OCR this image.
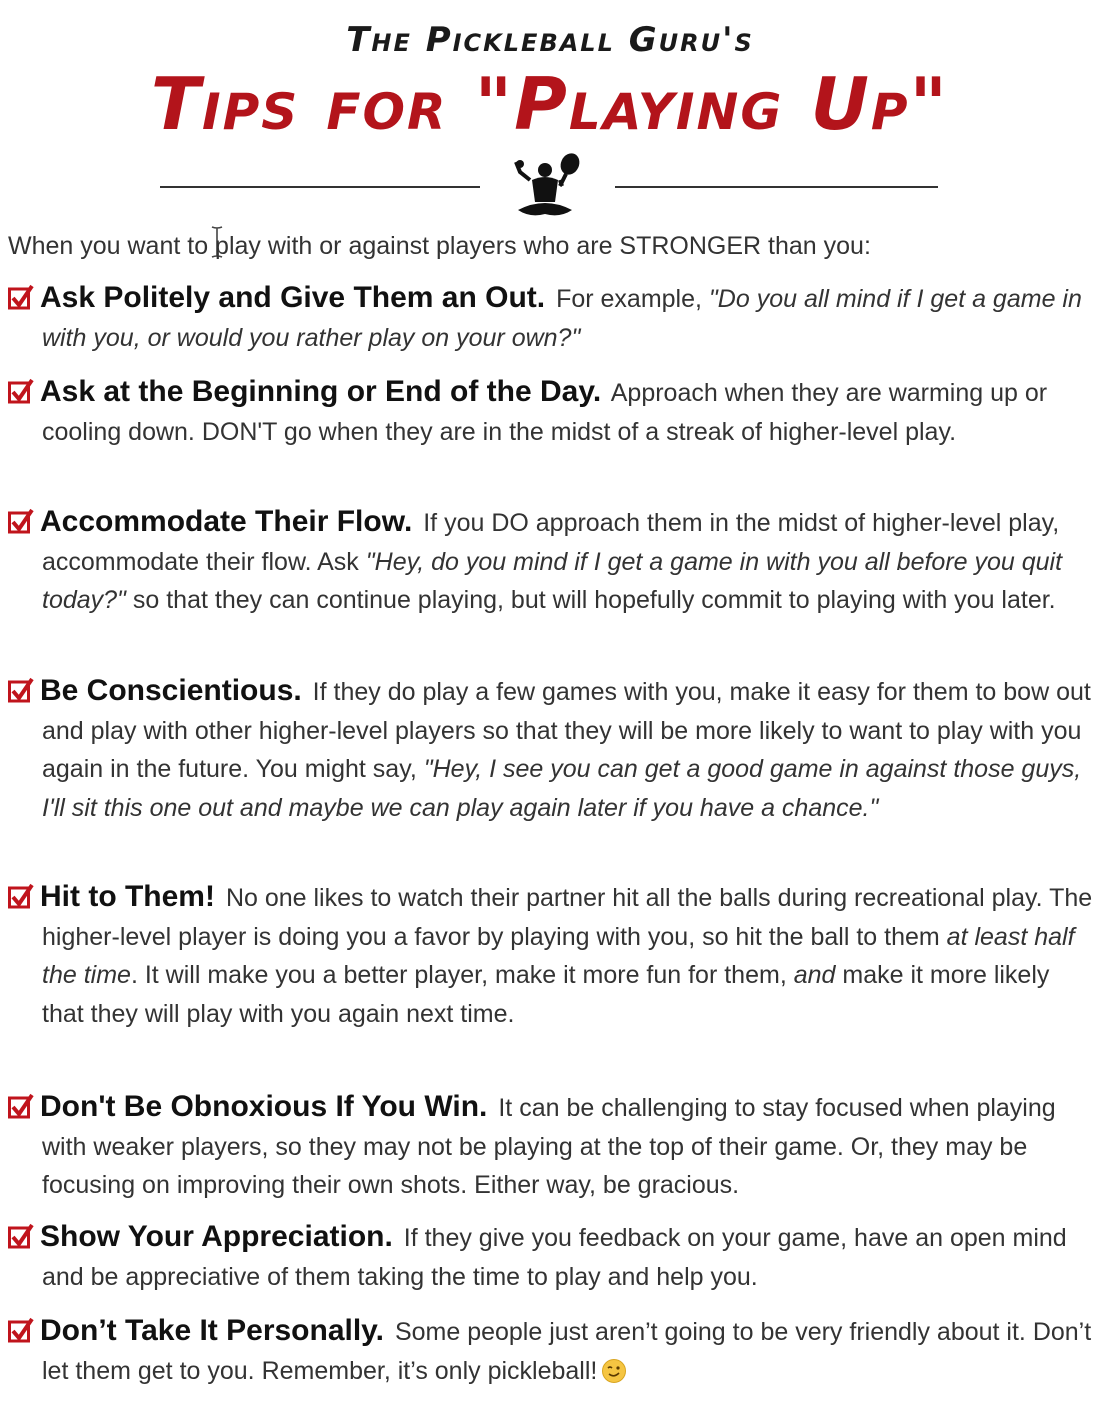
The Pickleball Guru's
Tips for "Playing Up"
When you want to play with or against players who are STRONGER than you:
Ask Politely and Give Them an Out. For example, "Do you all mind if I get a game in with you, or would you rather play on your own?"
Ask at the Beginning or End of the Day. Approach when they are warming up or cooling down. DON'T go when they are in the midst of a streak of higher-level play.
Accommodate Their Flow. If you DO approach them in the midst of higher-level play, accommodate their flow. Ask "Hey, do you mind if I get a game in with you all before you quit today?" so that they can continue playing, but will hopefully commit to playing with you later.
Be Conscientious. If they do play a few games with you, make it easy for them to bow out and play with other higher-level players so that they will be more likely to want to play with you again in the future. You might say, "Hey, I see you can get a good game in against those guys, I'll sit this one out and maybe we can play again later if you have a chance."
Hit to Them! No one likes to watch their partner hit all the balls during recreational play. The higher-level player is doing you a favor by playing with you, so hit the ball to them at least half the time. It will make you a better player, make it more fun for them, and make it more likely that they will play with you again next time.
Don't Be Obnoxious If You Win. It can be challenging to stay focused when playing with weaker players, so they may not be playing at the top of their game. Or, they may be focusing on improving their own shots. Either way, be gracious.
Show Your Appreciation. If they give you feedback on your game, have an open mind and be appreciative of them taking the time to play and help you.
Don’t Take It Personally. Some people just aren’t going to be very friendly about it. Don’t let them get to you. Remember, it’s only pickleball!
